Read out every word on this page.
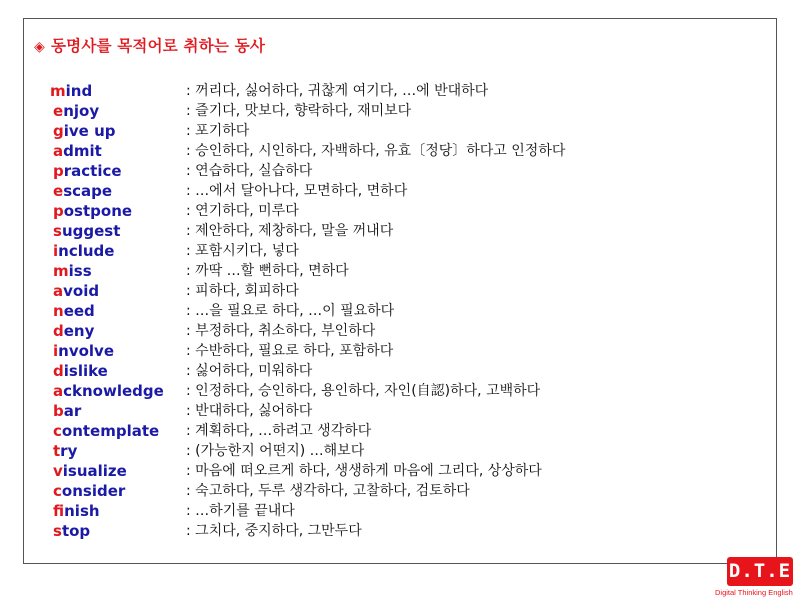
◈ 동명사를 목적어로 취하는 동사
mind	: 꺼리다, 싫어하다, 귀찮게 여기다, …에 반대하다
enjoy	: 즐기다, 맛보다, 향락하다, 재미보다
give up	: 포기하다
admit	: 승인하다, 시인하다, 자백하다, 유효〔정당〕하다고 인정하다
practice	: 연습하다, 실습하다
escape	: …에서 달아나다, 모면하다, 면하다
postpone	: 연기하다, 미루다
suggest	: 제안하다, 제창하다, 말을 꺼내다
include	: 포함시키다, 넣다
miss	: 까딱 …할 뻔하다, 면하다
avoid	: 피하다, 회피하다
need	: …을 필요로 하다, …이 필요하다
deny	: 부정하다, 취소하다, 부인하다
involve	: 수반하다, 필요로 하다, 포함하다
dislike	: 싫어하다, 미워하다
acknowledge : 인정하다, 승인하다, 용인하다, 자인(自認)하다, 고백하다
bar	: 반대하다, 싫어하다
contemplate : 계획하다, …하려고 생각하다
try	: (가능한지 어떤지) …해보다
visualize	: 마음에 떠오르게 하다, 생생하게 마음에 그리다, 상상하다
consider	: 숙고하다, 두루 생각하다, 고찰하다, 검토하다
finish	: …하기를 끝내다
stop	: 그치다, 중지하다, 그만두다
D.T.E
Digital Thinking English
